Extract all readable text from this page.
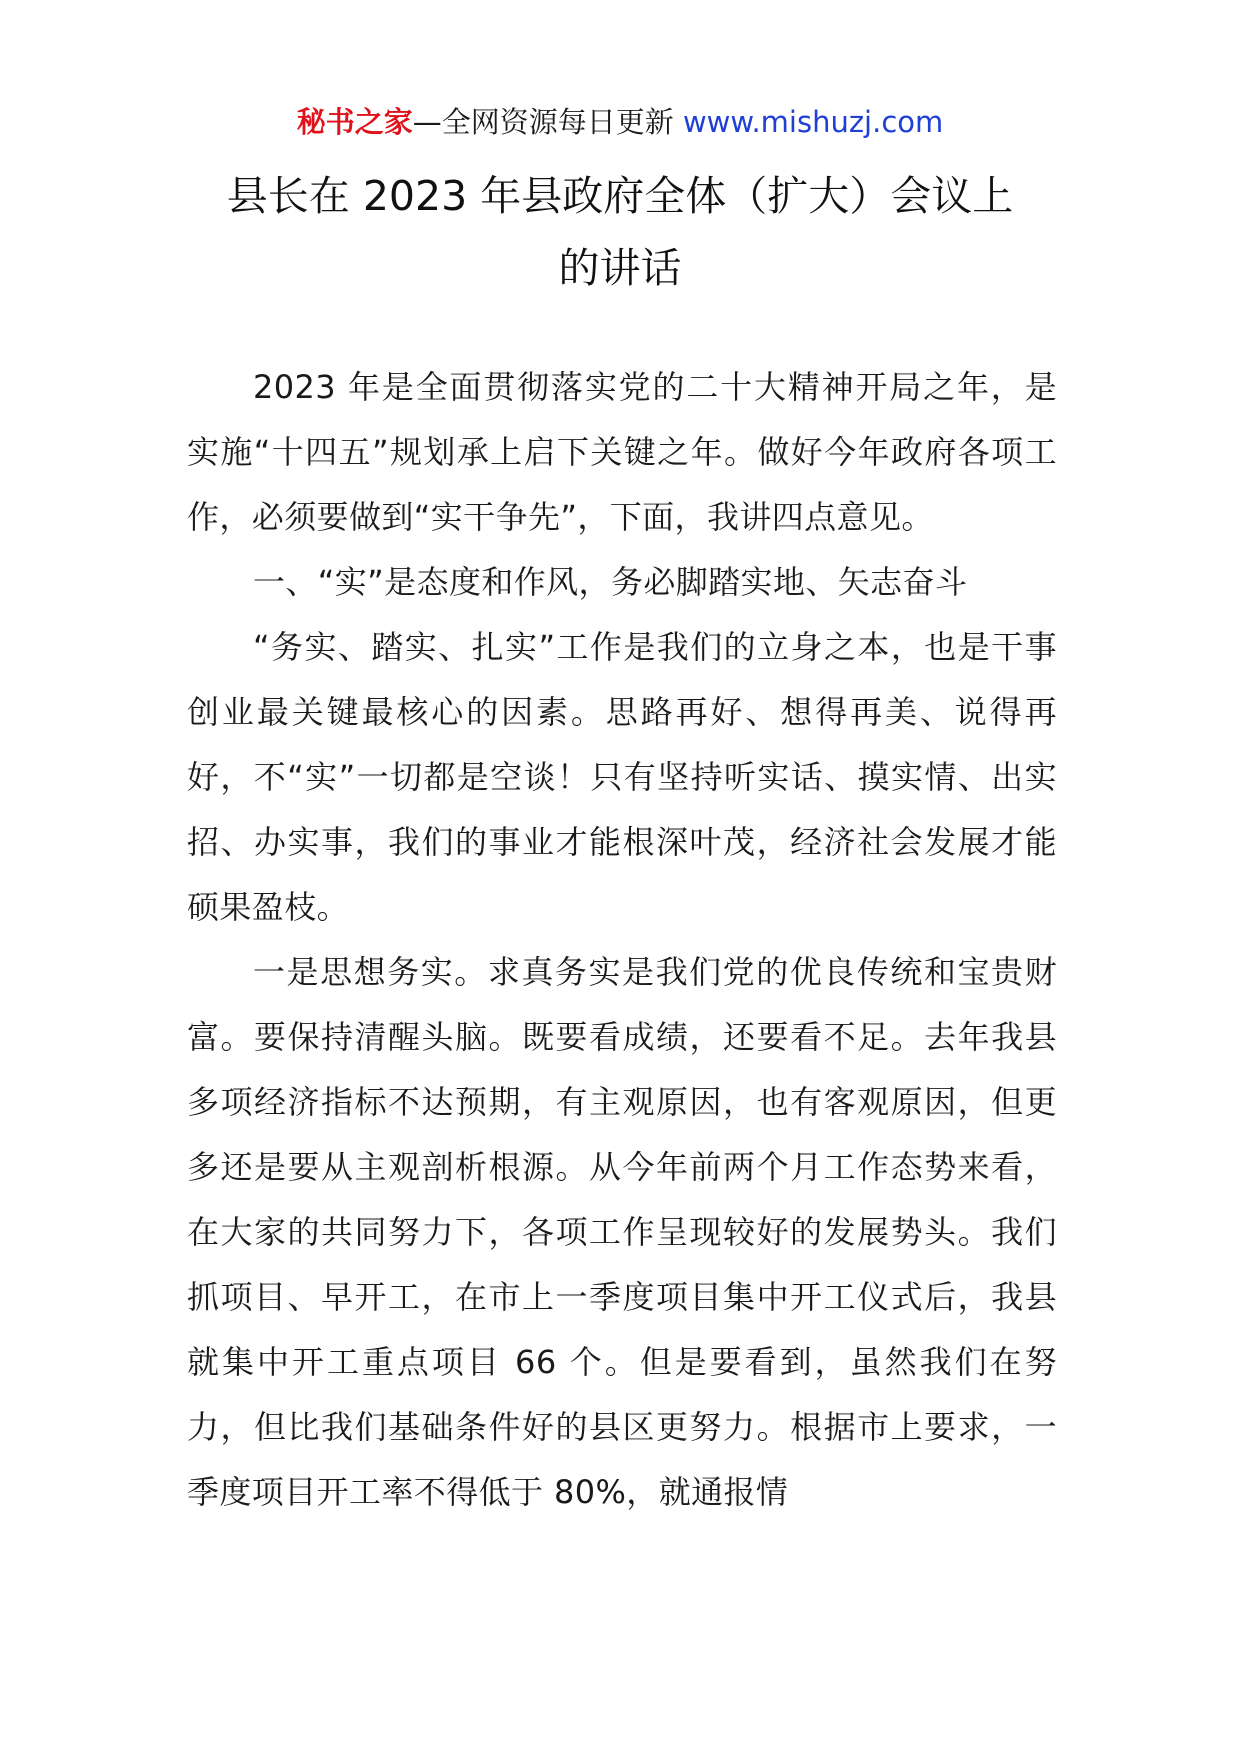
秘书之家—全网资源每日更新 www.mishuzj.com
县长在 2023 年县政府全体（扩大）会议上
的讲话

2023 年是全面贯彻落实党的二十大精神开局之年，是实施“十四五”规划承上启下关键之年。做好今年政府各项工作，必须要做到“实干争先”，下面，我讲四点意见。

一、“实”是态度和作风，务必脚踏实地、矢志奋斗

“务实、踏实、扎实”工作是我们的立身之本，也是干事创业最关键最核心的因素。思路再好、想得再美、说得再好，不“实”一切都是空谈！只有坚持听实话、摸实情、出实招、办实事，我们的事业才能根深叶茂，经济社会发展才能硕果盈枝。

一是思想务实。求真务实是我们党的优良传统和宝贵财富。要保持清醒头脑。既要看成绩，还要看不足。去年我县多项经济指标不达预期，有主观原因，也有客观原因，但更多还是要从主观剖析根源。从今年前两个月工作态势来看，在大家的共同努力下，各项工作呈现较好的发展势头。我们抓项目、早开工，在市上一季度项目集中开工仪式后，我县就集中开工重点项目 66 个。但是要看到，虽然我们在努力，但比我们基础条件好的县区更努力。根据市上要求，一季度项目开工率不得低于 80%，就通报情
